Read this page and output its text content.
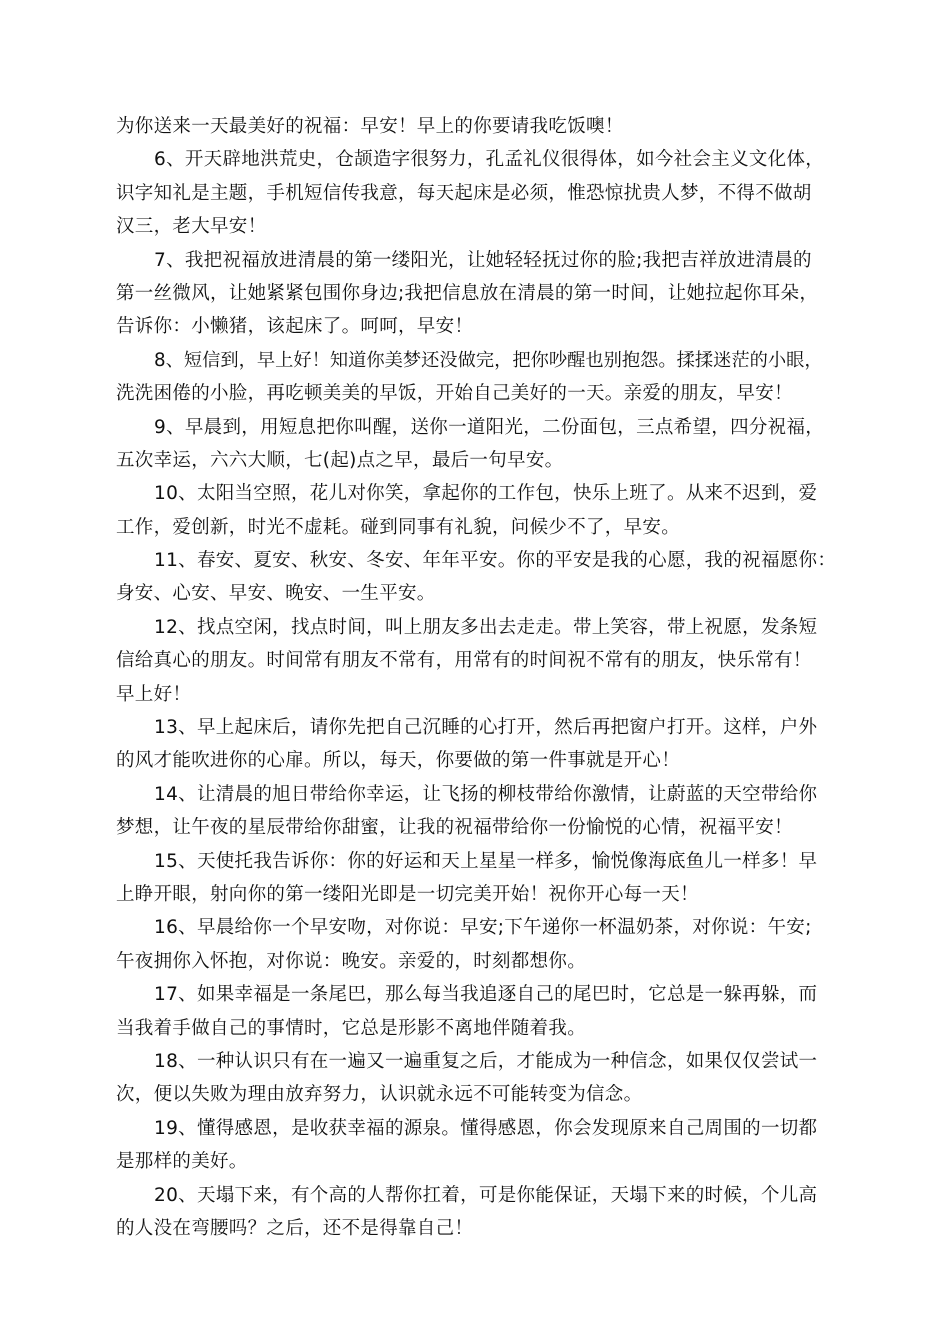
为你送来一天最美好的祝福：早安！早上的你要请我吃饭噢！
6、开天辟地洪荒史，仓颉造字很努力，孔孟礼仪很得体，如今社会主义文化体，
识字知礼是主题，手机短信传我意，每天起床是必须，惟恐惊扰贵人梦，不得不做胡
汉三，老大早安！
7、我把祝福放进清晨的第一缕阳光，让她轻轻抚过你的脸;我把吉祥放进清晨的
第一丝微风，让她紧紧包围你身边;我把信息放在清晨的第一时间，让她拉起你耳朵，
告诉你：小懒猪，该起床了。呵呵，早安！
8、短信到，早上好！知道你美梦还没做完，把你吵醒也别抱怨。揉揉迷茫的小眼，
洗洗困倦的小脸，再吃顿美美的早饭，开始自己美好的一天。亲爱的朋友，早安！
9、早晨到，用短息把你叫醒，送你一道阳光，二份面包，三点希望，四分祝福，
五次幸运，六六大顺，七(起)点之早，最后一句早安。
10、太阳当空照，花儿对你笑，拿起你的工作包，快乐上班了。从来不迟到，爱
工作，爱创新，时光不虚耗。碰到同事有礼貌，问候少不了，早安。
11、春安、夏安、秋安、冬安、年年平安。你的平安是我的心愿，我的祝福愿你：
身安、心安、早安、晚安、一生平安。
12、找点空闲，找点时间，叫上朋友多出去走走。带上笑容，带上祝愿，发条短
信给真心的朋友。时间常有朋友不常有，用常有的时间祝不常有的朋友，快乐常有！
早上好！
13、早上起床后，请你先把自己沉睡的心打开，然后再把窗户打开。这样，户外
的风才能吹进你的心扉。所以，每天，你要做的第一件事就是开心！
14、让清晨的旭日带给你幸运，让飞扬的柳枝带给你激情，让蔚蓝的天空带给你
梦想，让午夜的星辰带给你甜蜜，让我的祝福带给你一份愉悦的心情，祝福平安！
15、天使托我告诉你：你的好运和天上星星一样多，愉悦像海底鱼儿一样多！早
上睁开眼，射向你的第一缕阳光即是一切完美开始！祝你开心每一天！
16、早晨给你一个早安吻，对你说：早安;下午递你一杯温奶茶，对你说：午安;
午夜拥你入怀抱，对你说：晚安。亲爱的，时刻都想你。
17、如果幸福是一条尾巴，那么每当我追逐自己的尾巴时，它总是一躲再躲，而
当我着手做自己的事情时，它总是形影不离地伴随着我。
18、一种认识只有在一遍又一遍重复之后，才能成为一种信念，如果仅仅尝试一
次，便以失败为理由放弃努力，认识就永远不可能转变为信念。
19、懂得感恩，是收获幸福的源泉。懂得感恩，你会发现原来自己周围的一切都
是那样的美好。
20、天塌下来，有个高的人帮你扛着，可是你能保证，天塌下来的时候，个儿高
的人没在弯腰吗？之后，还不是得靠自己！
